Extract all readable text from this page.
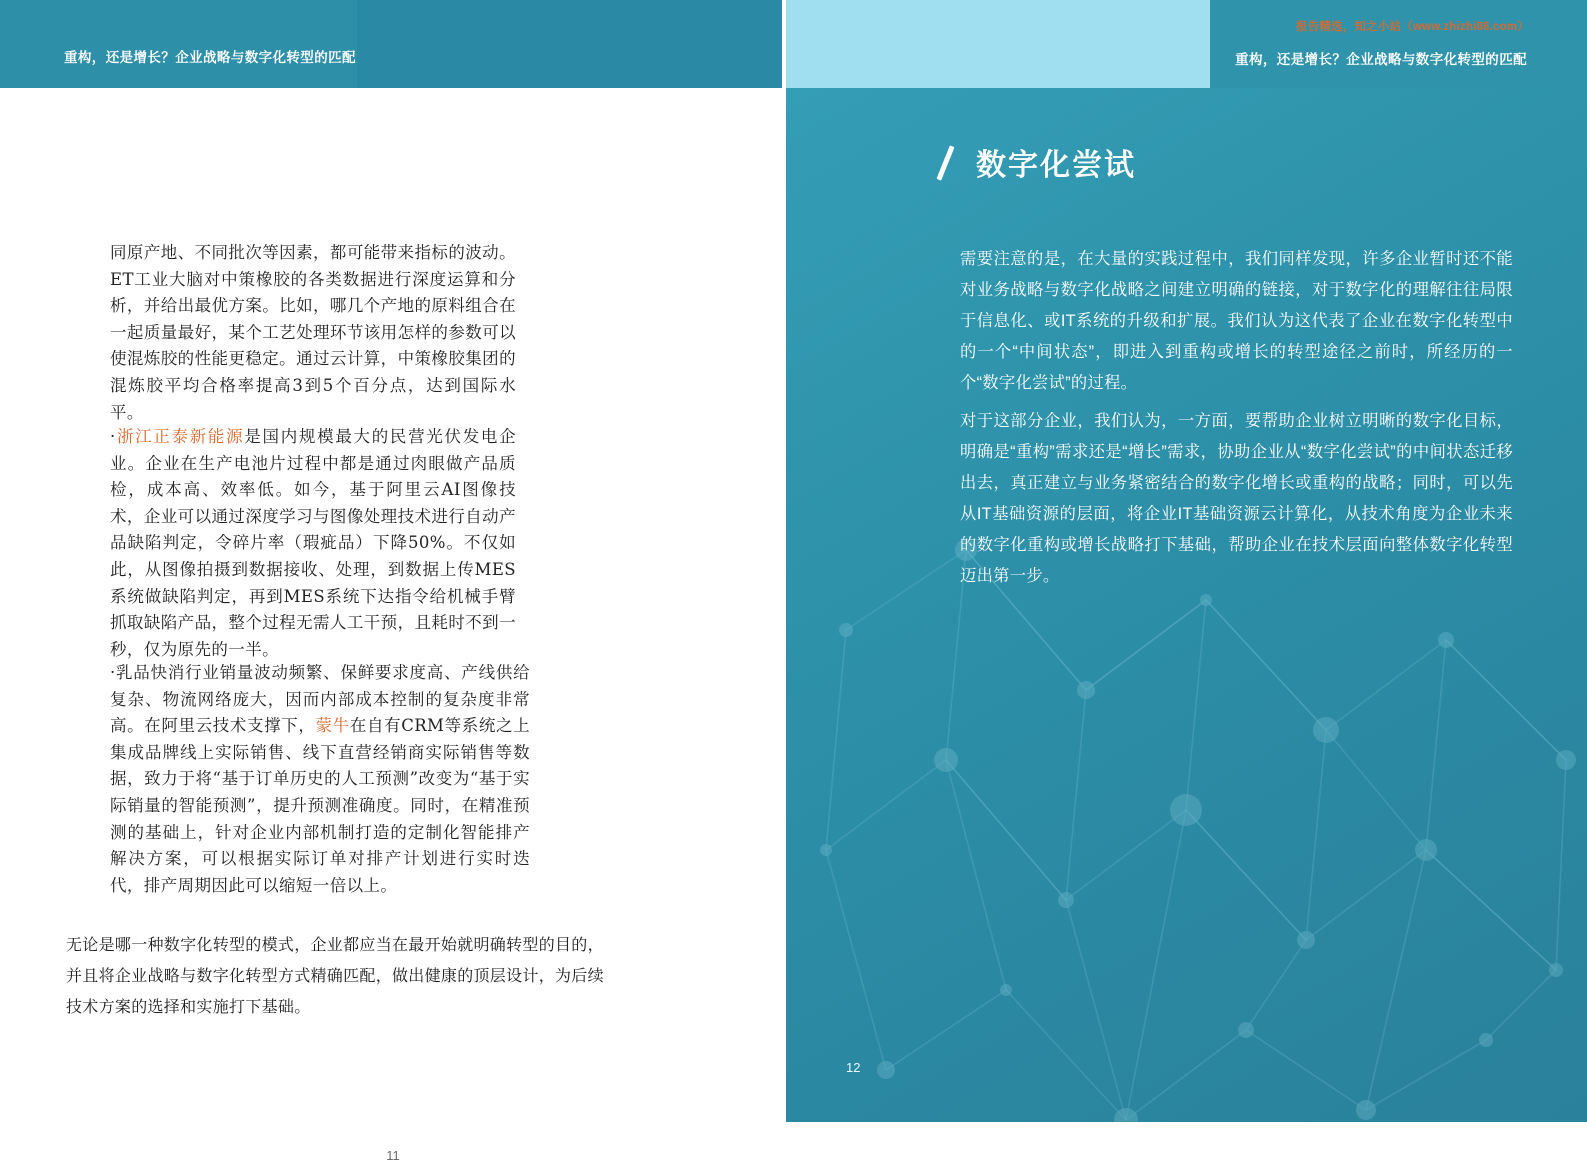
重构，还是增长？企业战略与数字化转型的匹配
同原产地、不同批次等因素，都可能带来指标的波动。ET工业大脑对中策橡胶的各类数据进行深度运算和分析，并给出最优方案。比如，哪几个产地的原料组合在一起质量最好，某个工艺处理环节该用怎样的参数可以使混炼胶的性能更稳定。通过云计算，中策橡胶集团的混炼胶平均合格率提高3到5个百分点，达到国际水平。
·浙江正泰新能源是国内规模最大的民营光伏发电企业。企业在生产电池片过程中都是通过肉眼做产品质检，成本高、效率低。如今，基于阿里云AI图像技术，企业可以通过深度学习与图像处理技术进行自动产品缺陷判定，令碎片率（瑕疵品）下降50%。不仅如此，从图像拍摄到数据接收、处理，到数据上传MES系统做缺陷判定，再到MES系统下达指令给机械手臂抓取缺陷产品，整个过程无需人工干预，且耗时不到一秒，仅为原先的一半。
·乳品快消行业销量波动频繁、保鲜要求度高、产线供给复杂、物流网络庞大，因而内部成本控制的复杂度非常高。在阿里云技术支撑下，蒙牛在自有CRM等系统之上集成品牌线上实际销售、线下直营经销商实际销售等数据，致力于将“基于订单历史的人工预测”改变为“基于实际销量的智能预测”，提升预测准确度。同时，在精准预测的基础上，针对企业内部机制打造的定制化智能排产解决方案，可以根据实际订单对排产计划进行实时迭代，排产周期因此可以缩短一倍以上。
无论是哪一种数字化转型的模式，企业都应当在最开始就明确转型的目的，并且将企业战略与数字化转型方式精确匹配，做出健康的顶层设计，为后续技术方案的选择和实施打下基础。
11
报告精选，知之小站（www.zhizhi88.com）
重构，还是增长？企业战略与数字化转型的匹配
数字化尝试
需要注意的是，在大量的实践过程中，我们同样发现，许多企业暂时还不能对业务战略与数字化战略之间建立明确的链接，对于数字化的理解往往局限于信息化、或IT系统的升级和扩展。我们认为这代表了企业在数字化转型中的一个“中间状态”，即进入到重构或增长的转型途径之前时，所经历的一个“数字化尝试”的过程。
对于这部分企业，我们认为，一方面，要帮助企业树立明晰的数字化目标，明确是“重构”需求还是“增长”需求，协助企业从“数字化尝试”的中间状态迁移出去，真正建立与业务紧密结合的数字化增长或重构的战略；同时，可以先从IT基础资源的层面，将企业IT基础资源云计算化，从技术角度为企业未来的数字化重构或增长战略打下基础，帮助企业在技术层面向整体数字化转型迈出第一步。
12
